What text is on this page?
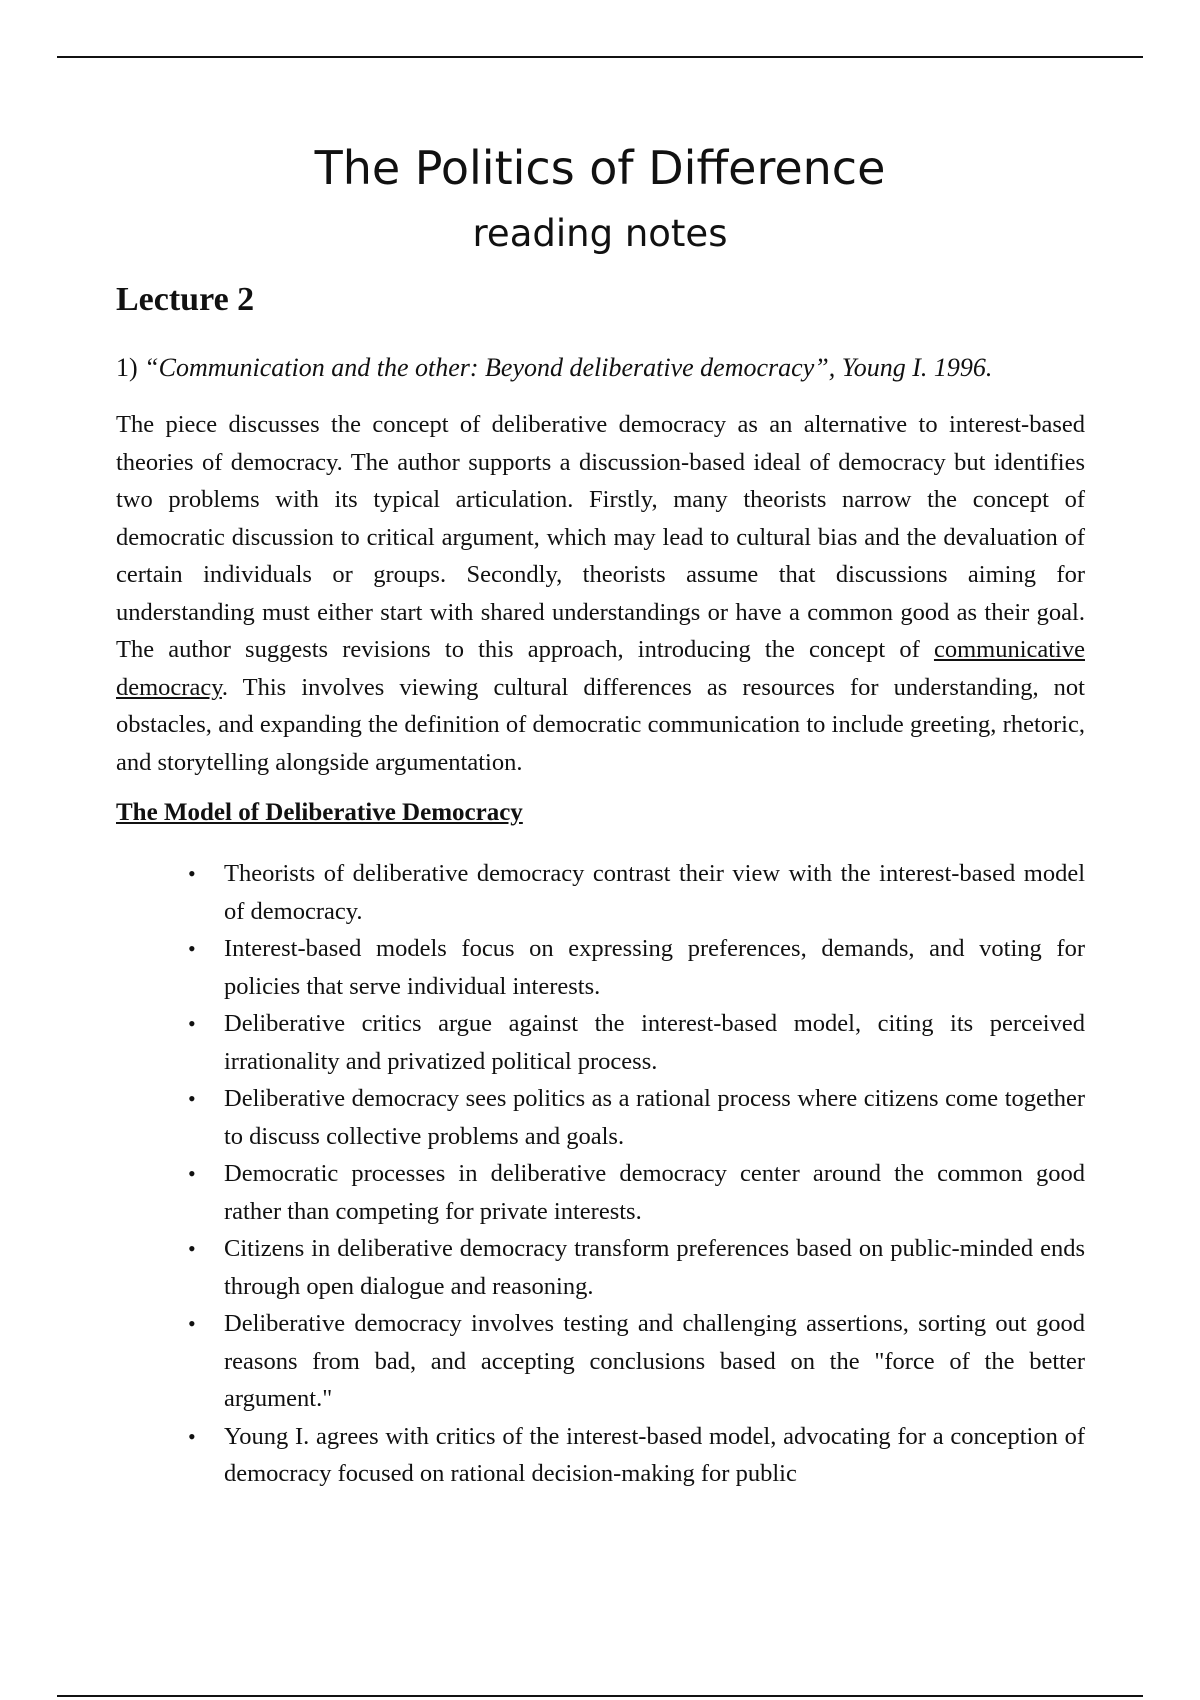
The Politics of Difference
reading notes
Lecture 2

1) “Communication and the other: Beyond deliberative democracy”, Young I. 1996.

The piece discusses the concept of deliberative democracy as an alternative to interest-based theories of democracy. The author supports a discussion-based ideal of democracy but identifies two problems with its typical articulation. Firstly, many theorists narrow the concept of democratic discussion to critical argument, which may lead to cultural bias and the devaluation of certain individuals or groups. Secondly, theorists assume that discussions aiming for understanding must either start with shared understandings or have a common good as their goal. The author suggests revisions to this approach, introducing the concept of communicative democracy. This involves viewing cultural differences as resources for understanding, not obstacles, and expanding the definition of democratic communication to include greeting, rhetoric, and storytelling alongside argumentation.

The Model of Deliberative Democracy
• Theorists of deliberative democracy contrast their view with the interest-based model of democracy.
• Interest-based models focus on expressing preferences, demands, and voting for policies that serve individual interests.
• Deliberative critics argue against the interest-based model, citing its perceived irrationality and privatized political process.
• Deliberative democracy sees politics as a rational process where citizens come together to discuss collective problems and goals.
• Democratic processes in deliberative democracy center around the common good rather than competing for private interests.
• Citizens in deliberative democracy transform preferences based on public-minded ends through open dialogue and reasoning.
• Deliberative democracy involves testing and challenging assertions, sorting out good reasons from bad, and accepting conclusions based on the "force of the better argument."
• Young I. agrees with critics of the interest-based model, advocating for a conception of democracy focused on rational decision-making for public
